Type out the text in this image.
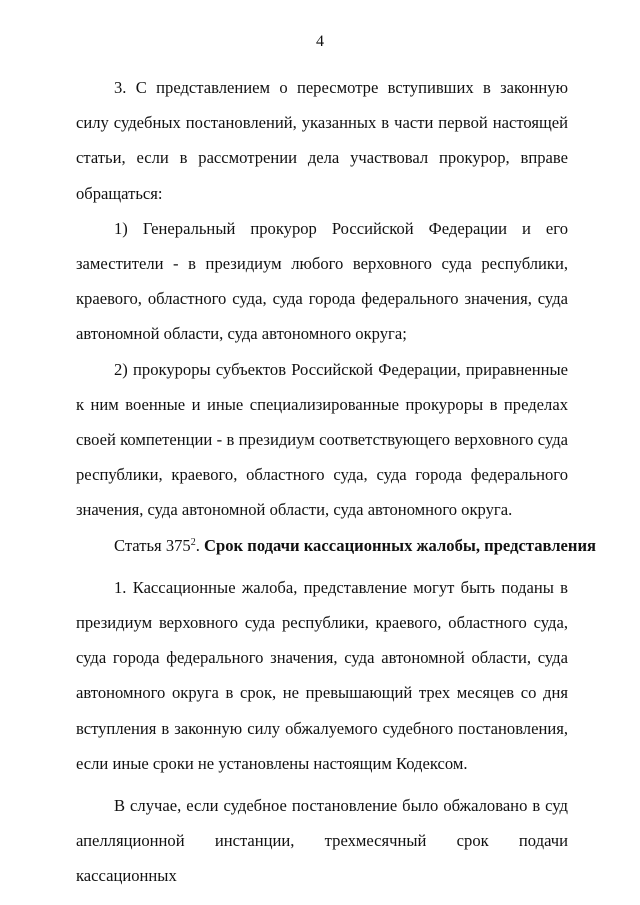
4

3. С представлением о пересмотре вступивших в законную силу судебных постановлений, указанных в части первой настоящей статьи, если в рассмотрении дела участвовал прокурор, вправе обращаться:

1) Генеральный прокурор Российской Федерации и его

заместители - в президиум любого верховного суда республики, краевого, областного суда, суда города федерального значения, суда автономной области, суда автономного округа;

2) прокуроры субъектов Российской Федерации, приравненные к ним военные и иные специализированные прокуроры в пределах своей компетенции - в президиум соответствующего верховного суда республики, краевого, областного суда, суда города федерального значения, суда автономной области, суда автономного округа.

Статья $375^2$. Срок подачи кассационных жалобы, представления

1. Кассационные жалоба, представление могут быть поданы в президиум верховного суда республики, краевого, областного суда, суда города федерального значения, суда автономной области, суда автономного округа в срок, не превышающий трех месяцев со дня вступления в законную силу обжалуемого судебного постановления, если иные сроки не установлены настоящим Кодексом.

В случае, если судебное постановление было обжаловано в суд апелляционной инстанции, трехмесячный срок подачи кассационных
